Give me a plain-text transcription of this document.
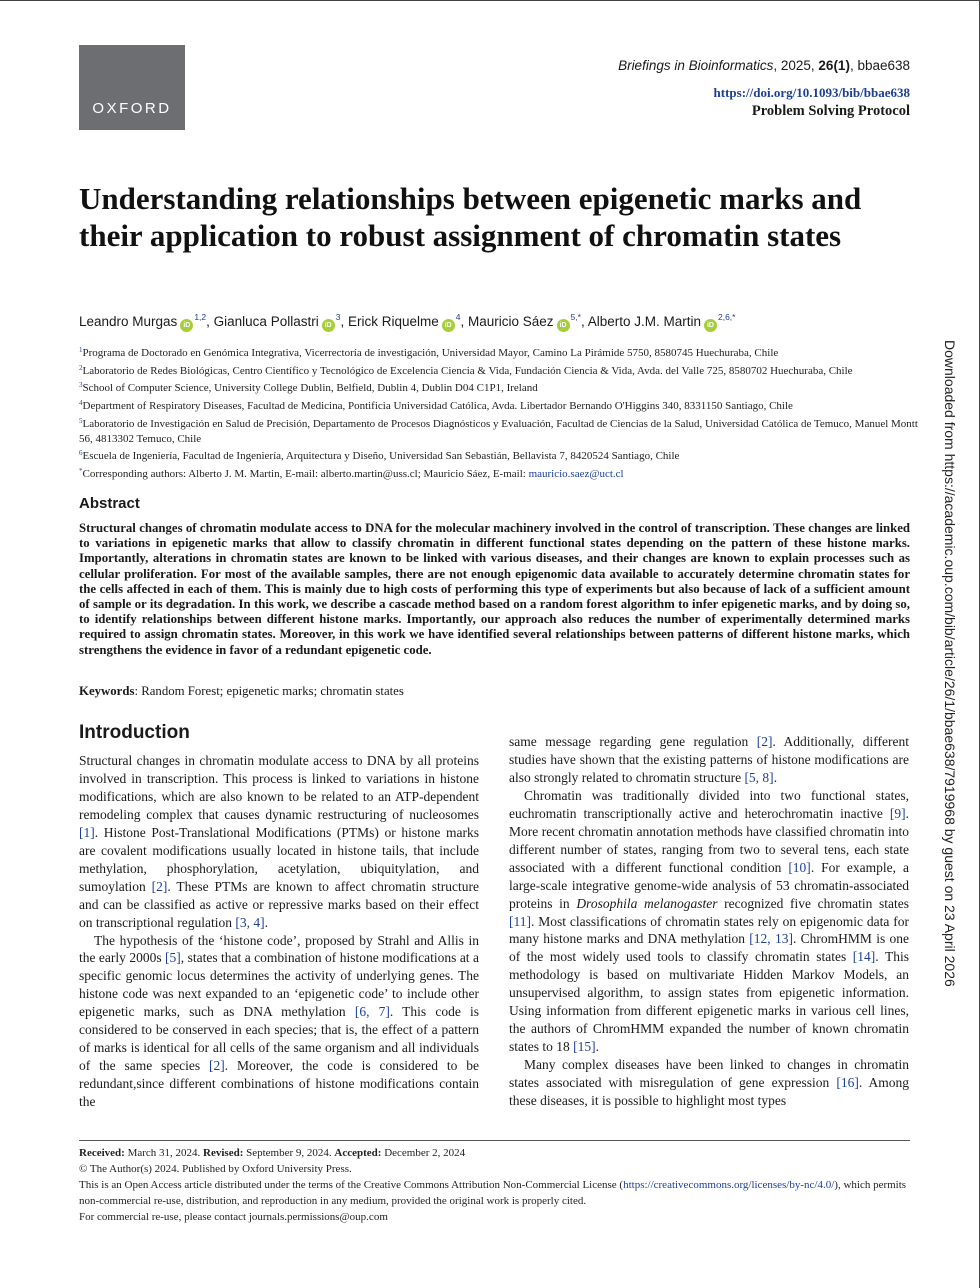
OXFORD
Briefings in Bioinformatics, 2025, 26(1), bbae638
https://doi.org/10.1093/bib/bbae638
Problem Solving Protocol
Understanding relationships between epigenetic marks and their application to robust assignment of chromatin states
Leandro Murgas iD$^{1,2}$, Gianluca Pollastri $iD^3$, Erick Riquelme $iD^4$, Mauricio Sáez $iD^{5,*}$, Alberto J.M. Martin $iD^{2,6,*}$
$^1$Programa de Doctorado en Genómica Integrativa, Vicerrectoría de investigación, Universidad Mayor, Camino La Pirámide 5750, 8580745 Huechuraba, Chile
$^2$Laboratorio de Redes Biológicas, Centro Científico y Tecnológico de Excelencia Ciencia & Vida, Fundación Ciencia & Vida, Avda. del Valle 725, 8580702 Huechuraba, Chile
$^3$School of Computer Science, University College Dublin, Belfield, Dublin 4, Dublin D04 C1P1, Ireland
$^4$Department of Respiratory Diseases, Facultad de Medicina, Pontificia Universidad Católica, Avda. Libertador Bernando O'Higgins 340, 8331150 Santiago, Chile
$^5$Laboratorio de Investigación en Salud de Precisión, Departamento de Procesos Diagnósticos y Evaluación, Facultad de Ciencias de la Salud, Universidad Católica de Temuco, Manuel Montt 56, 4813302 Temuco, Chile
$^6$Escuela de Ingeniería, Facultad de Ingeniería, Arquitectura y Diseño, Universidad San Sebastián, Bellavista 7, 8420524 Santiago, Chile
*Corresponding authors: Alberto J. M. Martin, E-mail: alberto.martin@uss.cl; Mauricio Sáez, E-mail: mauricio.saez@uct.cl
Abstract
Structural changes of chromatin modulate access to DNA for the molecular machinery involved in the control of transcription. These changes are linked to variations in epigenetic marks that allow to classify chromatin in different functional states depending on the pattern of these histone marks. Importantly, alterations in chromatin states are known to be linked with various diseases, and their changes are known to explain processes such as cellular proliferation. For most of the available samples, there are not enough epigenomic data available to accurately determine chromatin states for the cells affected in each of them. This is mainly due to high costs of performing this type of experiments but also because of lack of a sufficient amount of sample or its degradation. In this work, we describe a cascade method based on a random forest algorithm to infer epigenetic marks, and by doing so, to identify relationships between different histone marks. Importantly, our approach also reduces the number of experimentally determined marks required to assign chromatin states. Moreover, in this work we have identified several relationships between patterns of different histone marks, which strengthens the evidence in favor of a redundant epigenetic code.
Keywords: Random Forest; epigenetic marks; chromatin states
Introduction

Structural changes in chromatin modulate access to DNA by all proteins involved in transcription. This process is linked to variations in histone modifications, which are also known to be related to an ATP-dependent remodeling complex that causes dynamic restructuring of nucleosomes [1]. Histone Post-Translational Modifications (PTMs) or histone marks are covalent modifications usually located in histone tails, that include methylation, phosphorylation, acetylation, ubiquitylation, and sumoylation [2]. These PTMs are known to affect chromatin structure and can be classified as active or repressive marks based on their effect on transcriptional regulation [3, 4].

The hypothesis of the ‘histone code’, proposed by Strahl and Allis in the early 2000s [5], states that a combination of histone modifications at a specific genomic locus determines the activity of underlying genes. The histone code was next expanded to an ‘epigenetic code’ to include other epigenetic marks, such as DNA methylation [6, 7]. This code is considered to be conserved in each species; that is, the effect of a pattern of marks is identical for all cells of the same organism and all individuals of the same species [2]. Moreover, the code is considered to be redundant,since different combinations of histone modifications contain the

same message regarding gene regulation [2]. Additionally, different studies have shown that the existing patterns of histone modifications are also strongly related to chromatin structure [5, 8].

Chromatin was traditionally divided into two functional states, euchromatin transcriptionally active and heterochromatin inactive [9]. More recent chromatin annotation methods have classified chromatin into different number of states, ranging from two to several tens, each state associated with a different functional condition [10]. For example, a large-scale integrative genome-wide analysis of 53 chromatin-associated proteins in Drosophila melanogaster recognized five chromatin states [11]. Most classifications of chromatin states rely on epigenomic data for many histone marks and DNA methylation [12, 13]. ChromHMM is one of the most widely used tools to classify chromatin states [14]. This methodology is based on multivariate Hidden Markov Models, an unsupervised algorithm, to assign states from epigenetic information. Using information from different epigenetic marks in various cell lines, the authors of ChromHMM expanded the number of known chromatin states to 18 [15].

Many complex diseases have been linked to changes in chromatin states associated with misregulation of gene expression [16]. Among these diseases, it is possible to highlight most types

Received: March 31, 2024. Revised: September 9, 2024. Accepted: December 2, 2024
© The Author(s) 2024. Published by Oxford University Press.
This is an Open Access article distributed under the terms of the Creative Commons Attribution Non-Commercial License (https://creativecommons.org/licenses/by-nc/4.0/), which permits non-commercial re-use, distribution, and reproduction in any medium, provided the original work is properly cited.
For commercial re-use, please contact journals.permissions@oup.com
Downloaded from https://academic.oup.com/bib/article/26/1/bbae638/7919968 by guest on 23 April 2026
